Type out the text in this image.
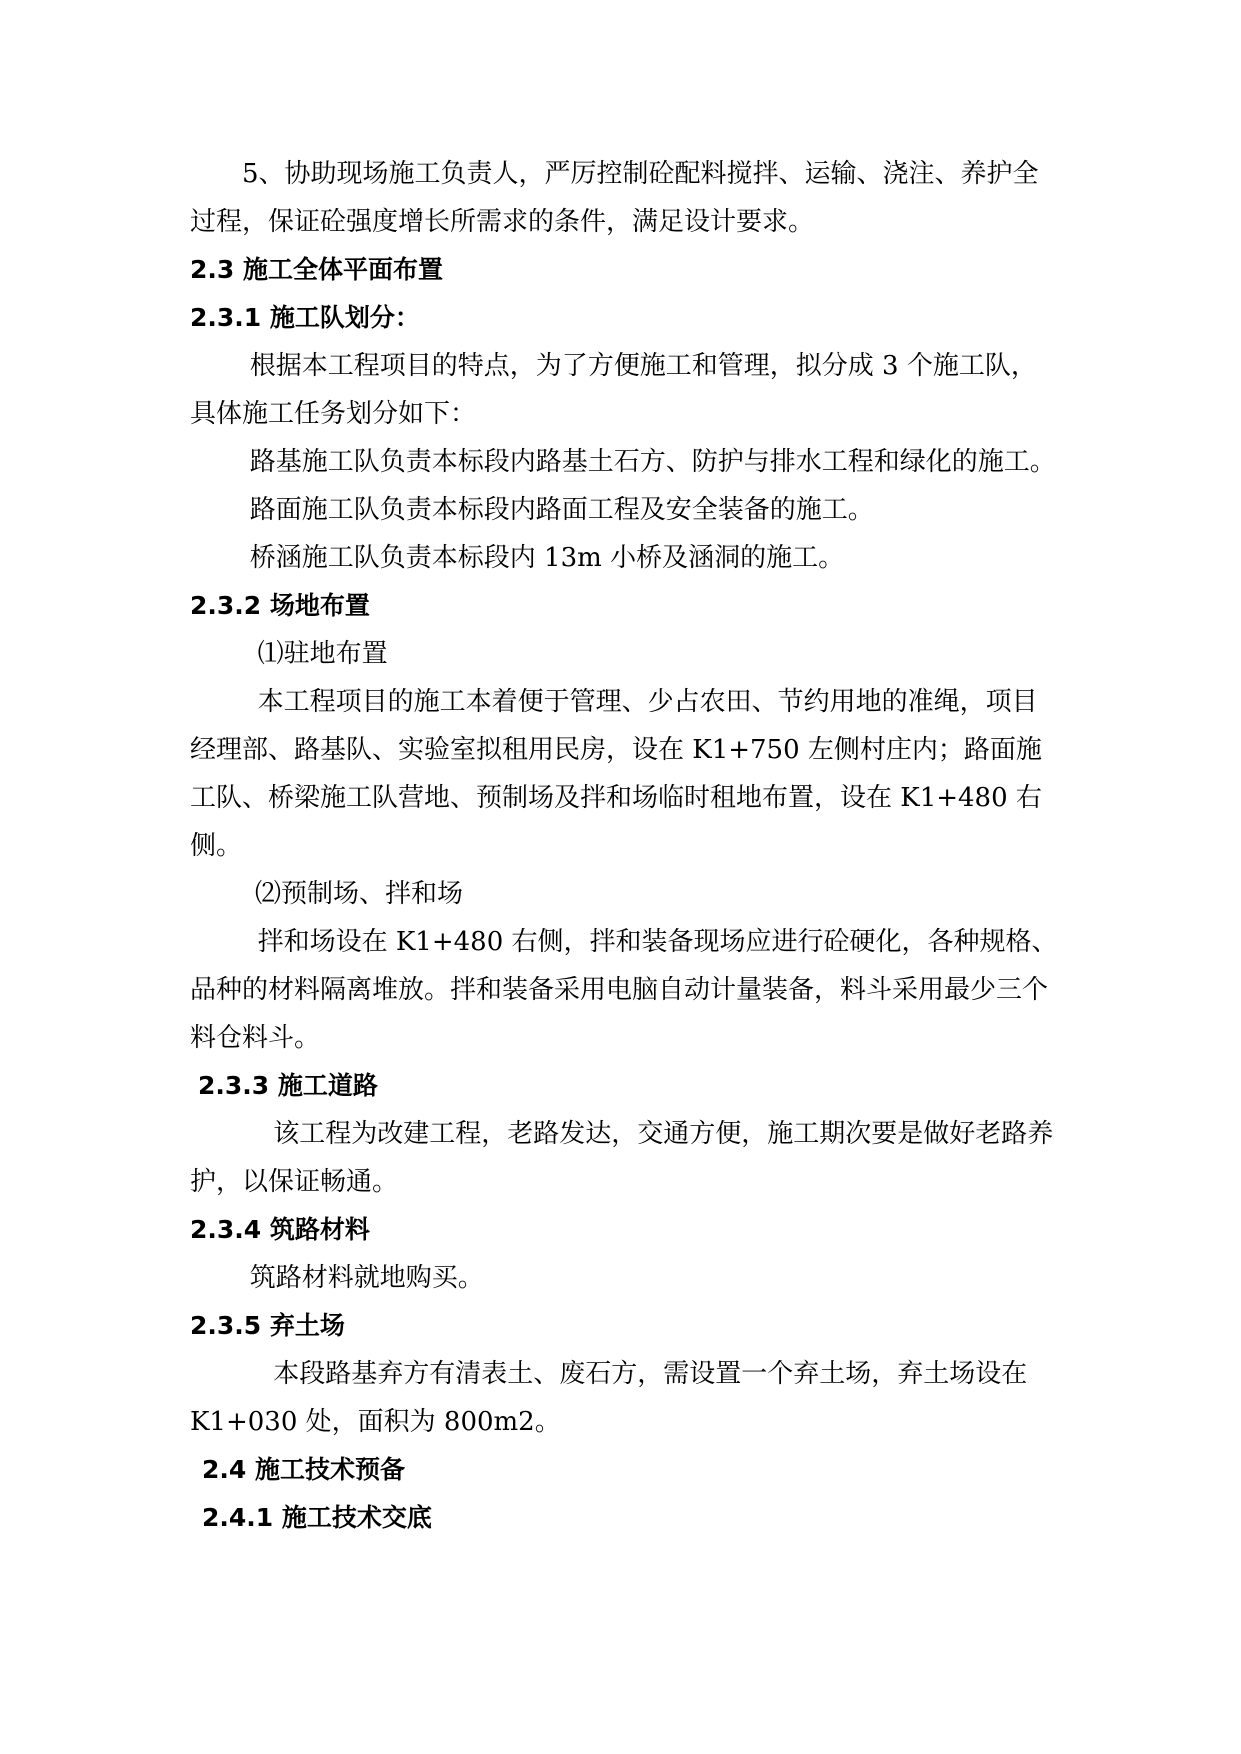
5、协助现场施工负责人，严厉控制砼配料搅拌、运输、浇注、养护全过程，保证砼强度增长所需求的条件，满足设计要求。

2.3 施工全体平面布置

2.3.1 施工队划分：

根据本工程项目的特点，为了方便施工和管理，拟分成 3 个施工队，具体施工任务划分如下：

路基施工队负责本标段内路基土石方、防护与排水工程和绿化的施工。

路面施工队负责本标段内路面工程及安全装备的施工。

桥涵施工队负责本标段内 13m 小桥及涵洞的施工。

2.3.2 场地布置

⑴驻地布置

本工程项目的施工本着便于管理、少占农田、节约用地的准绳，项目经理部、路基队、实验室拟租用民房，设在 K1+750 左侧村庄内；路面施工队、桥梁施工队营地、预制场及拌和场临时租地布置，设在 K1+480 右侧。

⑵预制场、拌和场

拌和场设在 K1+480 右侧，拌和装备现场应进行砼硬化，各种规格、品种的材料隔离堆放。拌和装备采用电脑自动计量装备，料斗采用最少三个料仓料斗。

2.3.3 施工道路

该工程为改建工程，老路发达，交通方便，施工期次要是做好老路养护，以保证畅通。

2.3.4 筑路材料

筑路材料就地购买。

2.3.5 弃土场

本段路基弃方有清表土、废石方，需设置一个弃土场，弃土场设在 K1+030 处，面积为 800m2。

2.4 施工技术预备

2.4.1 施工技术交底
